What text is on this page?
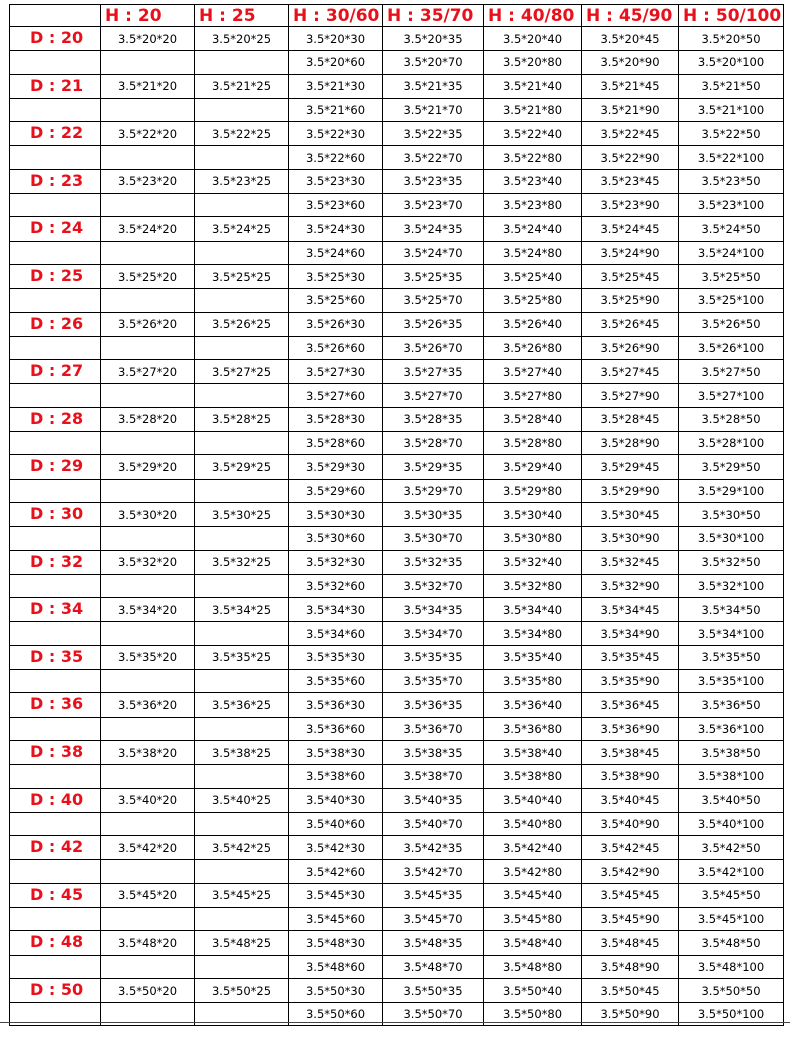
	H : 20	H : 25	H : 30/60	H : 35/70	H : 40/80	H : 45/90	H : 50/100
D : 20	3.5*20*20	3.5*20*25	3.5*20*30	3.5*20*35	3.5*20*40	3.5*20*45	3.5*20*50
			3.5*20*60	3.5*20*70	3.5*20*80	3.5*20*90	3.5*20*100
D : 21	3.5*21*20	3.5*21*25	3.5*21*30	3.5*21*35	3.5*21*40	3.5*21*45	3.5*21*50
			3.5*21*60	3.5*21*70	3.5*21*80	3.5*21*90	3.5*21*100
D : 22	3.5*22*20	3.5*22*25	3.5*22*30	3.5*22*35	3.5*22*40	3.5*22*45	3.5*22*50
			3.5*22*60	3.5*22*70	3.5*22*80	3.5*22*90	3.5*22*100
D : 23	3.5*23*20	3.5*23*25	3.5*23*30	3.5*23*35	3.5*23*40	3.5*23*45	3.5*23*50
			3.5*23*60	3.5*23*70	3.5*23*80	3.5*23*90	3.5*23*100
D : 24	3.5*24*20	3.5*24*25	3.5*24*30	3.5*24*35	3.5*24*40	3.5*24*45	3.5*24*50
			3.5*24*60	3.5*24*70	3.5*24*80	3.5*24*90	3.5*24*100
D : 25	3.5*25*20	3.5*25*25	3.5*25*30	3.5*25*35	3.5*25*40	3.5*25*45	3.5*25*50
			3.5*25*60	3.5*25*70	3.5*25*80	3.5*25*90	3.5*25*100
D : 26	3.5*26*20	3.5*26*25	3.5*26*30	3.5*26*35	3.5*26*40	3.5*26*45	3.5*26*50
			3.5*26*60	3.5*26*70	3.5*26*80	3.5*26*90	3.5*26*100
D : 27	3.5*27*20	3.5*27*25	3.5*27*30	3.5*27*35	3.5*27*40	3.5*27*45	3.5*27*50
			3.5*27*60	3.5*27*70	3.5*27*80	3.5*27*90	3.5*27*100
D : 28	3.5*28*20	3.5*28*25	3.5*28*30	3.5*28*35	3.5*28*40	3.5*28*45	3.5*28*50
			3.5*28*60	3.5*28*70	3.5*28*80	3.5*28*90	3.5*28*100
D : 29	3.5*29*20	3.5*29*25	3.5*29*30	3.5*29*35	3.5*29*40	3.5*29*45	3.5*29*50
			3.5*29*60	3.5*29*70	3.5*29*80	3.5*29*90	3.5*29*100
D : 30	3.5*30*20	3.5*30*25	3.5*30*30	3.5*30*35	3.5*30*40	3.5*30*45	3.5*30*50
			3.5*30*60	3.5*30*70	3.5*30*80	3.5*30*90	3.5*30*100
D : 32	3.5*32*20	3.5*32*25	3.5*32*30	3.5*32*35	3.5*32*40	3.5*32*45	3.5*32*50
			3.5*32*60	3.5*32*70	3.5*32*80	3.5*32*90	3.5*32*100
D : 34	3.5*34*20	3.5*34*25	3.5*34*30	3.5*34*35	3.5*34*40	3.5*34*45	3.5*34*50
			3.5*34*60	3.5*34*70	3.5*34*80	3.5*34*90	3.5*34*100
D : 35	3.5*35*20	3.5*35*25	3.5*35*30	3.5*35*35	3.5*35*40	3.5*35*45	3.5*35*50
			3.5*35*60	3.5*35*70	3.5*35*80	3.5*35*90	3.5*35*100
D : 36	3.5*36*20	3.5*36*25	3.5*36*30	3.5*36*35	3.5*36*40	3.5*36*45	3.5*36*50
			3.5*36*60	3.5*36*70	3.5*36*80	3.5*36*90	3.5*36*100
D : 38	3.5*38*20	3.5*38*25	3.5*38*30	3.5*38*35	3.5*38*40	3.5*38*45	3.5*38*50
			3.5*38*60	3.5*38*70	3.5*38*80	3.5*38*90	3.5*38*100
D : 40	3.5*40*20	3.5*40*25	3.5*40*30	3.5*40*35	3.5*40*40	3.5*40*45	3.5*40*50
			3.5*40*60	3.5*40*70	3.5*40*80	3.5*40*90	3.5*40*100
D : 42	3.5*42*20	3.5*42*25	3.5*42*30	3.5*42*35	3.5*42*40	3.5*42*45	3.5*42*50
			3.5*42*60	3.5*42*70	3.5*42*80	3.5*42*90	3.5*42*100
D : 45	3.5*45*20	3.5*45*25	3.5*45*30	3.5*45*35	3.5*45*40	3.5*45*45	3.5*45*50
			3.5*45*60	3.5*45*70	3.5*45*80	3.5*45*90	3.5*45*100
D : 48	3.5*48*20	3.5*48*25	3.5*48*30	3.5*48*35	3.5*48*40	3.5*48*45	3.5*48*50
			3.5*48*60	3.5*48*70	3.5*48*80	3.5*48*90	3.5*48*100
D : 50	3.5*50*20	3.5*50*25	3.5*50*30	3.5*50*35	3.5*50*40	3.5*50*45	3.5*50*50
			3.5*50*60	3.5*50*70	3.5*50*80	3.5*50*90	3.5*50*100
